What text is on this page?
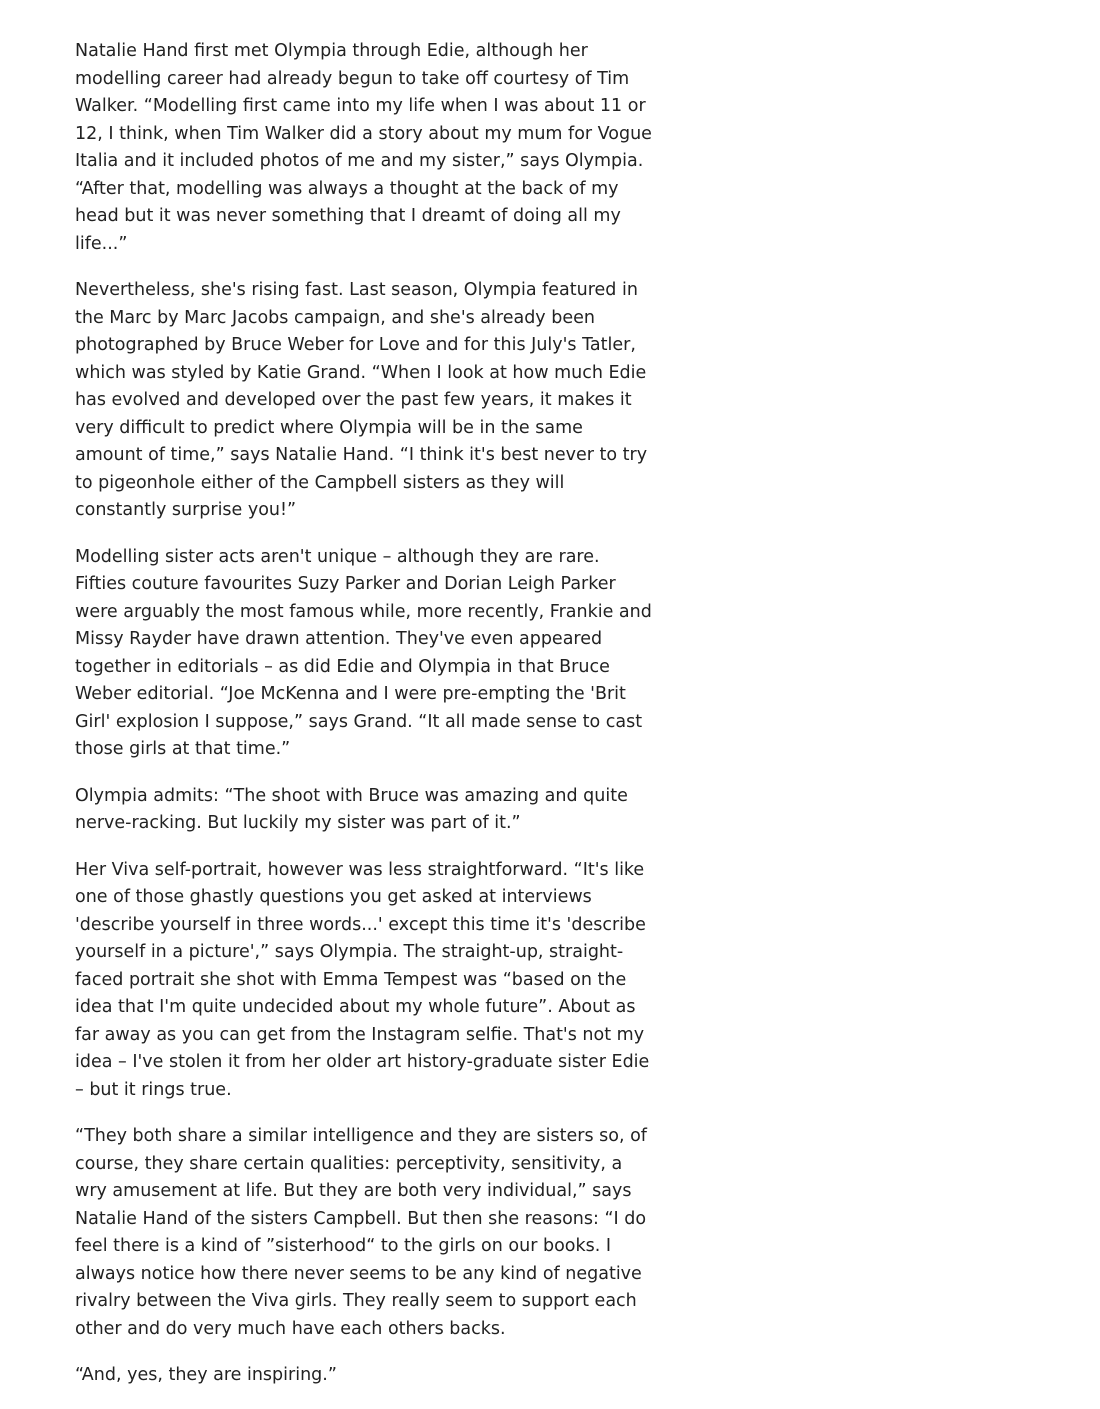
Natalie Hand first met Olympia through Edie, although her modelling career had already begun to take off courtesy of Tim Walker. “Modelling first came into my life when I was about 11 or 12, I think, when Tim Walker did a story about my mum for Vogue Italia and it included photos of me and my sister,” says Olympia. “After that, modelling was always a thought at the back of my head but it was never something that I dreamt of doing all my life...”

Nevertheless, she's rising fast. Last season, Olympia featured in the Marc by Marc Jacobs campaign, and she's already been photographed by Bruce Weber for Love and for this July's Tatler, which was styled by Katie Grand. “When I look at how much Edie has evolved and developed over the past few years, it makes it very difficult to predict where Olympia will be in the same amount of time,” says Natalie Hand. “I think it's best never to try to pigeonhole either of the Campbell sisters as they will constantly surprise you!”

Modelling sister acts aren't unique – although they are rare. Fifties couture favourites Suzy Parker and Dorian Leigh Parker were arguably the most famous while, more recently, Frankie and Missy Rayder have drawn attention. They've even appeared together in editorials – as did Edie and Olympia in that Bruce Weber editorial. “Joe McKenna and I were pre-empting the 'Brit Girl' explosion I suppose,” says Grand. “It all made sense to cast those girls at that time.”

Olympia admits: “The shoot with Bruce was amazing and quite nerve-racking. But luckily my sister was part of it.”

Her Viva self-portrait, however was less straightforward. “It's like one of those ghastly questions you get asked at interviews 'describe yourself in three words...' except this time it's 'describe yourself in a picture',” says Olympia. The straight-up, straight-faced portrait she shot with Emma Tempest was “based on the idea that I'm quite undecided about my whole future”. About as far away as you can get from the Instagram selfie. That's not my idea – I've stolen it from her older art history-graduate sister Edie – but it rings true.

“They both share a similar intelligence and they are sisters so, of course, they share certain qualities: perceptivity, sensitivity, a wry amusement at life. But they are both very individual,” says Natalie Hand of the sisters Campbell. But then she reasons: “I do feel there is a kind of ”sisterhood“ to the girls on our books. I always notice how there never seems to be any kind of negative rivalry between the Viva girls. They really seem to support each other and do very much have each others backs.

“And, yes, they are inspiring.”
